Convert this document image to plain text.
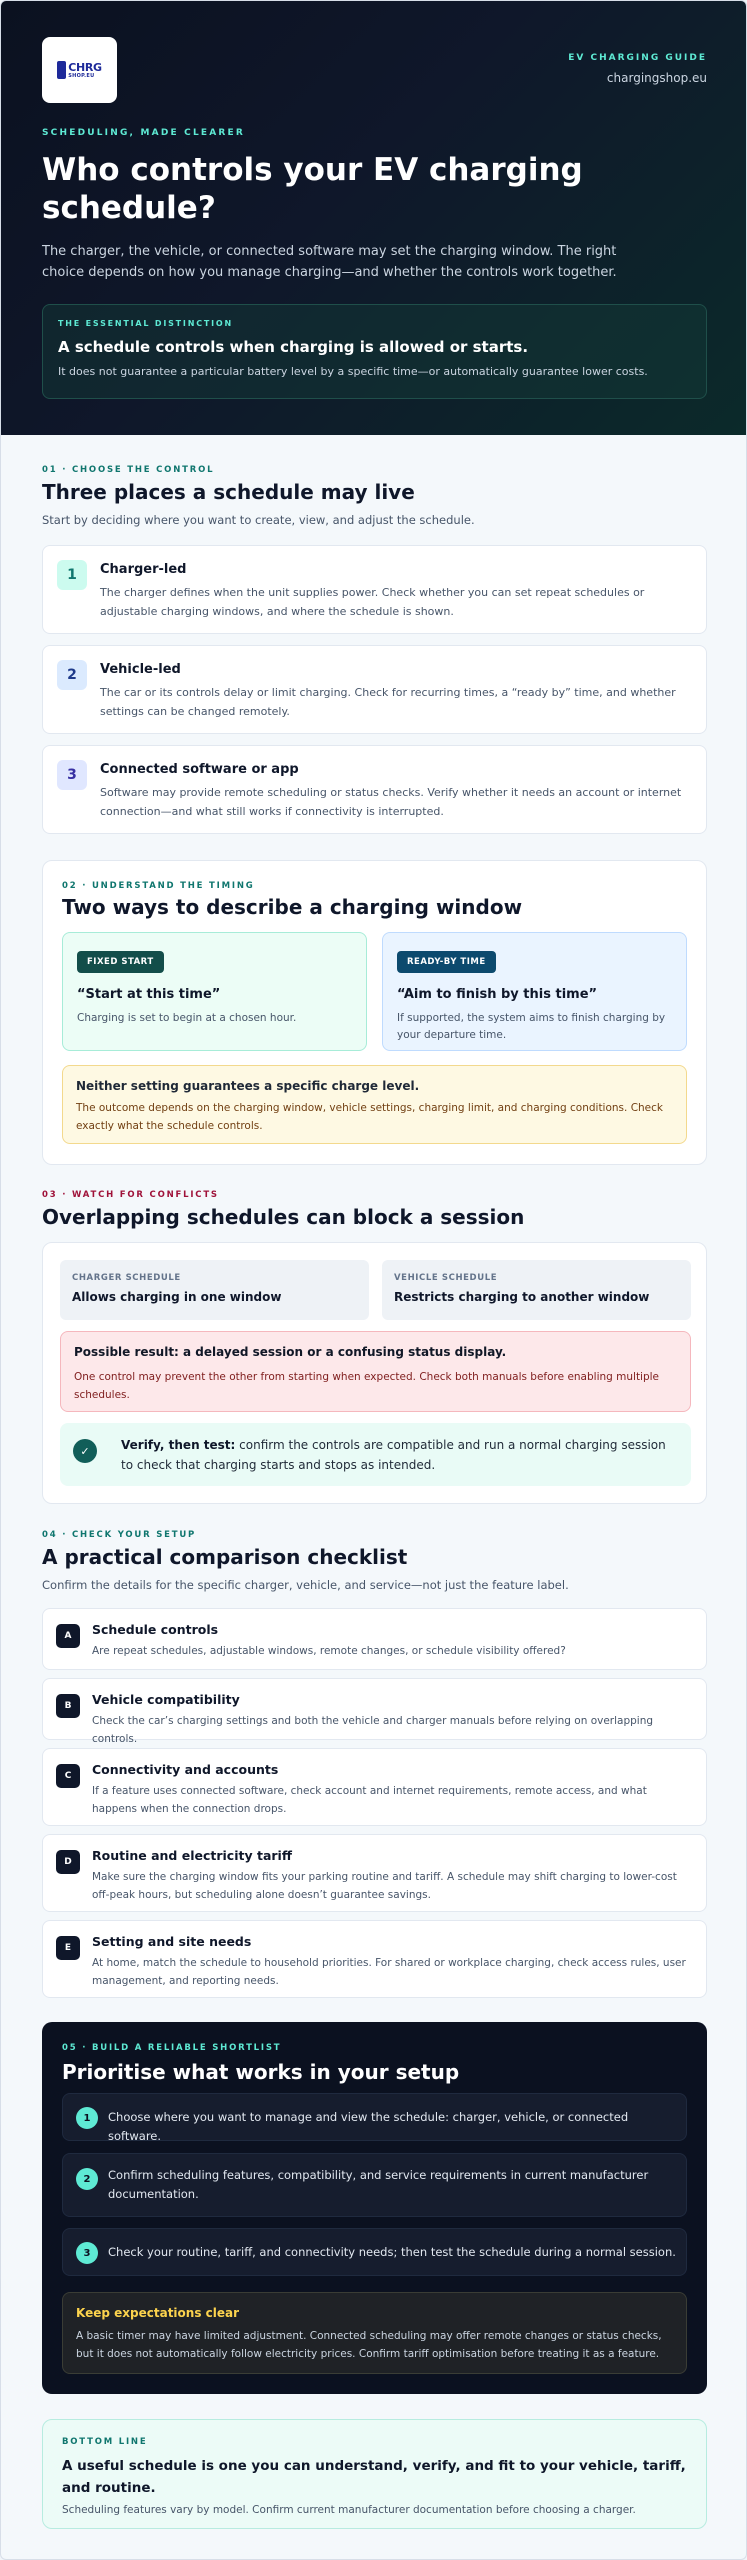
CHRG
SHOP.EU
EV CHARGING GUIDE
chargingshop.eu
SCHEDULING, MADE CLEARER
Who controls your EV charging schedule?

The charger, the vehicle, or connected software may set the charging window. The right choice depends on how you manage charging—and whether the controls work together.

THE ESSENTIAL DISTINCTION
A schedule controls when charging is allowed or starts.
It does not guarantee a particular battery level by a specific time—or automatically guarantee lower costs.
01 · CHOOSE THE CONTROL
Three places a schedule may live

Start by deciding where you want to create, view, and adjust the schedule.

1	Charger-led
The charger defines when the unit supplies power. Check whether you can set repeat schedules or adjustable charging windows, and where the schedule is shown.
2	Vehicle-led
The car or its controls delay or limit charging. Check for recurring times, a “ready by” time, and whether settings can be changed remotely.
3	Connected software or app
Software may provide remote scheduling or status checks. Verify whether it needs an account or internet connection—and what still works if connectivity is interrupted.
02 · UNDERSTAND THE TIMING
Two ways to describe a charging window
FIXED START
“Start at this time”
Charging is set to begin at a chosen hour.
READY-BY TIME
“Aim to finish by this time”
If supported, the system aims to finish charging by your departure time.
Neither setting guarantees a specific charge level.
The outcome depends on the charging window, vehicle settings, charging limit, and charging conditions. Check exactly what the schedule controls.
03 · WATCH FOR CONFLICTS
Overlapping schedules can block a session
CHARGER SCHEDULE
Allows charging in one window
VEHICLE SCHEDULE
Restricts charging to another window
Possible result: a delayed session or a confusing status display.
One control may prevent the other from starting when expected. Check both manuals before enabling multiple schedules.
✓	Verify, then test: confirm the controls are compatible and run a normal charging session to check that charging starts and stops as intended.
04 · CHECK YOUR SETUP
A practical comparison checklist

Confirm the details for the specific charger, vehicle, and service—not just the feature label.

A	Schedule controls
Are repeat schedules, adjustable windows, remote changes, or schedule visibility offered?
B	Vehicle compatibility
Check the car’s charging settings and both the vehicle and charger manuals before relying on overlapping controls.
C	Connectivity and accounts
If a feature uses connected software, check account and internet requirements, remote access, and what happens when the connection drops.
D	Routine and electricity tariff
Make sure the charging window fits your parking routine and tariff. A schedule may shift charging to lower-cost off-peak hours, but scheduling alone doesn’t guarantee savings.
E	Setting and site needs
At home, match the schedule to household priorities. For shared or workplace charging, check access rules, user management, and reporting needs.
05 · BUILD A RELIABLE SHORTLIST
Prioritise what works in your setup
1	Choose where you want to manage and view the schedule: charger, vehicle, or connected software.
2	Confirm scheduling features, compatibility, and service requirements in current manufacturer documentation.
3	Check your routine, tariff, and connectivity needs; then test the schedule during a normal session.
Keep expectations clear
A basic timer may have limited adjustment. Connected scheduling may offer remote changes or status checks, but it does not automatically follow electricity prices. Confirm tariff optimisation before treating it as a feature.
BOTTOM LINE
A useful schedule is one you can understand, verify, and fit to your vehicle, tariff, and routine.
Scheduling features vary by model. Confirm current manufacturer documentation before choosing a charger.
